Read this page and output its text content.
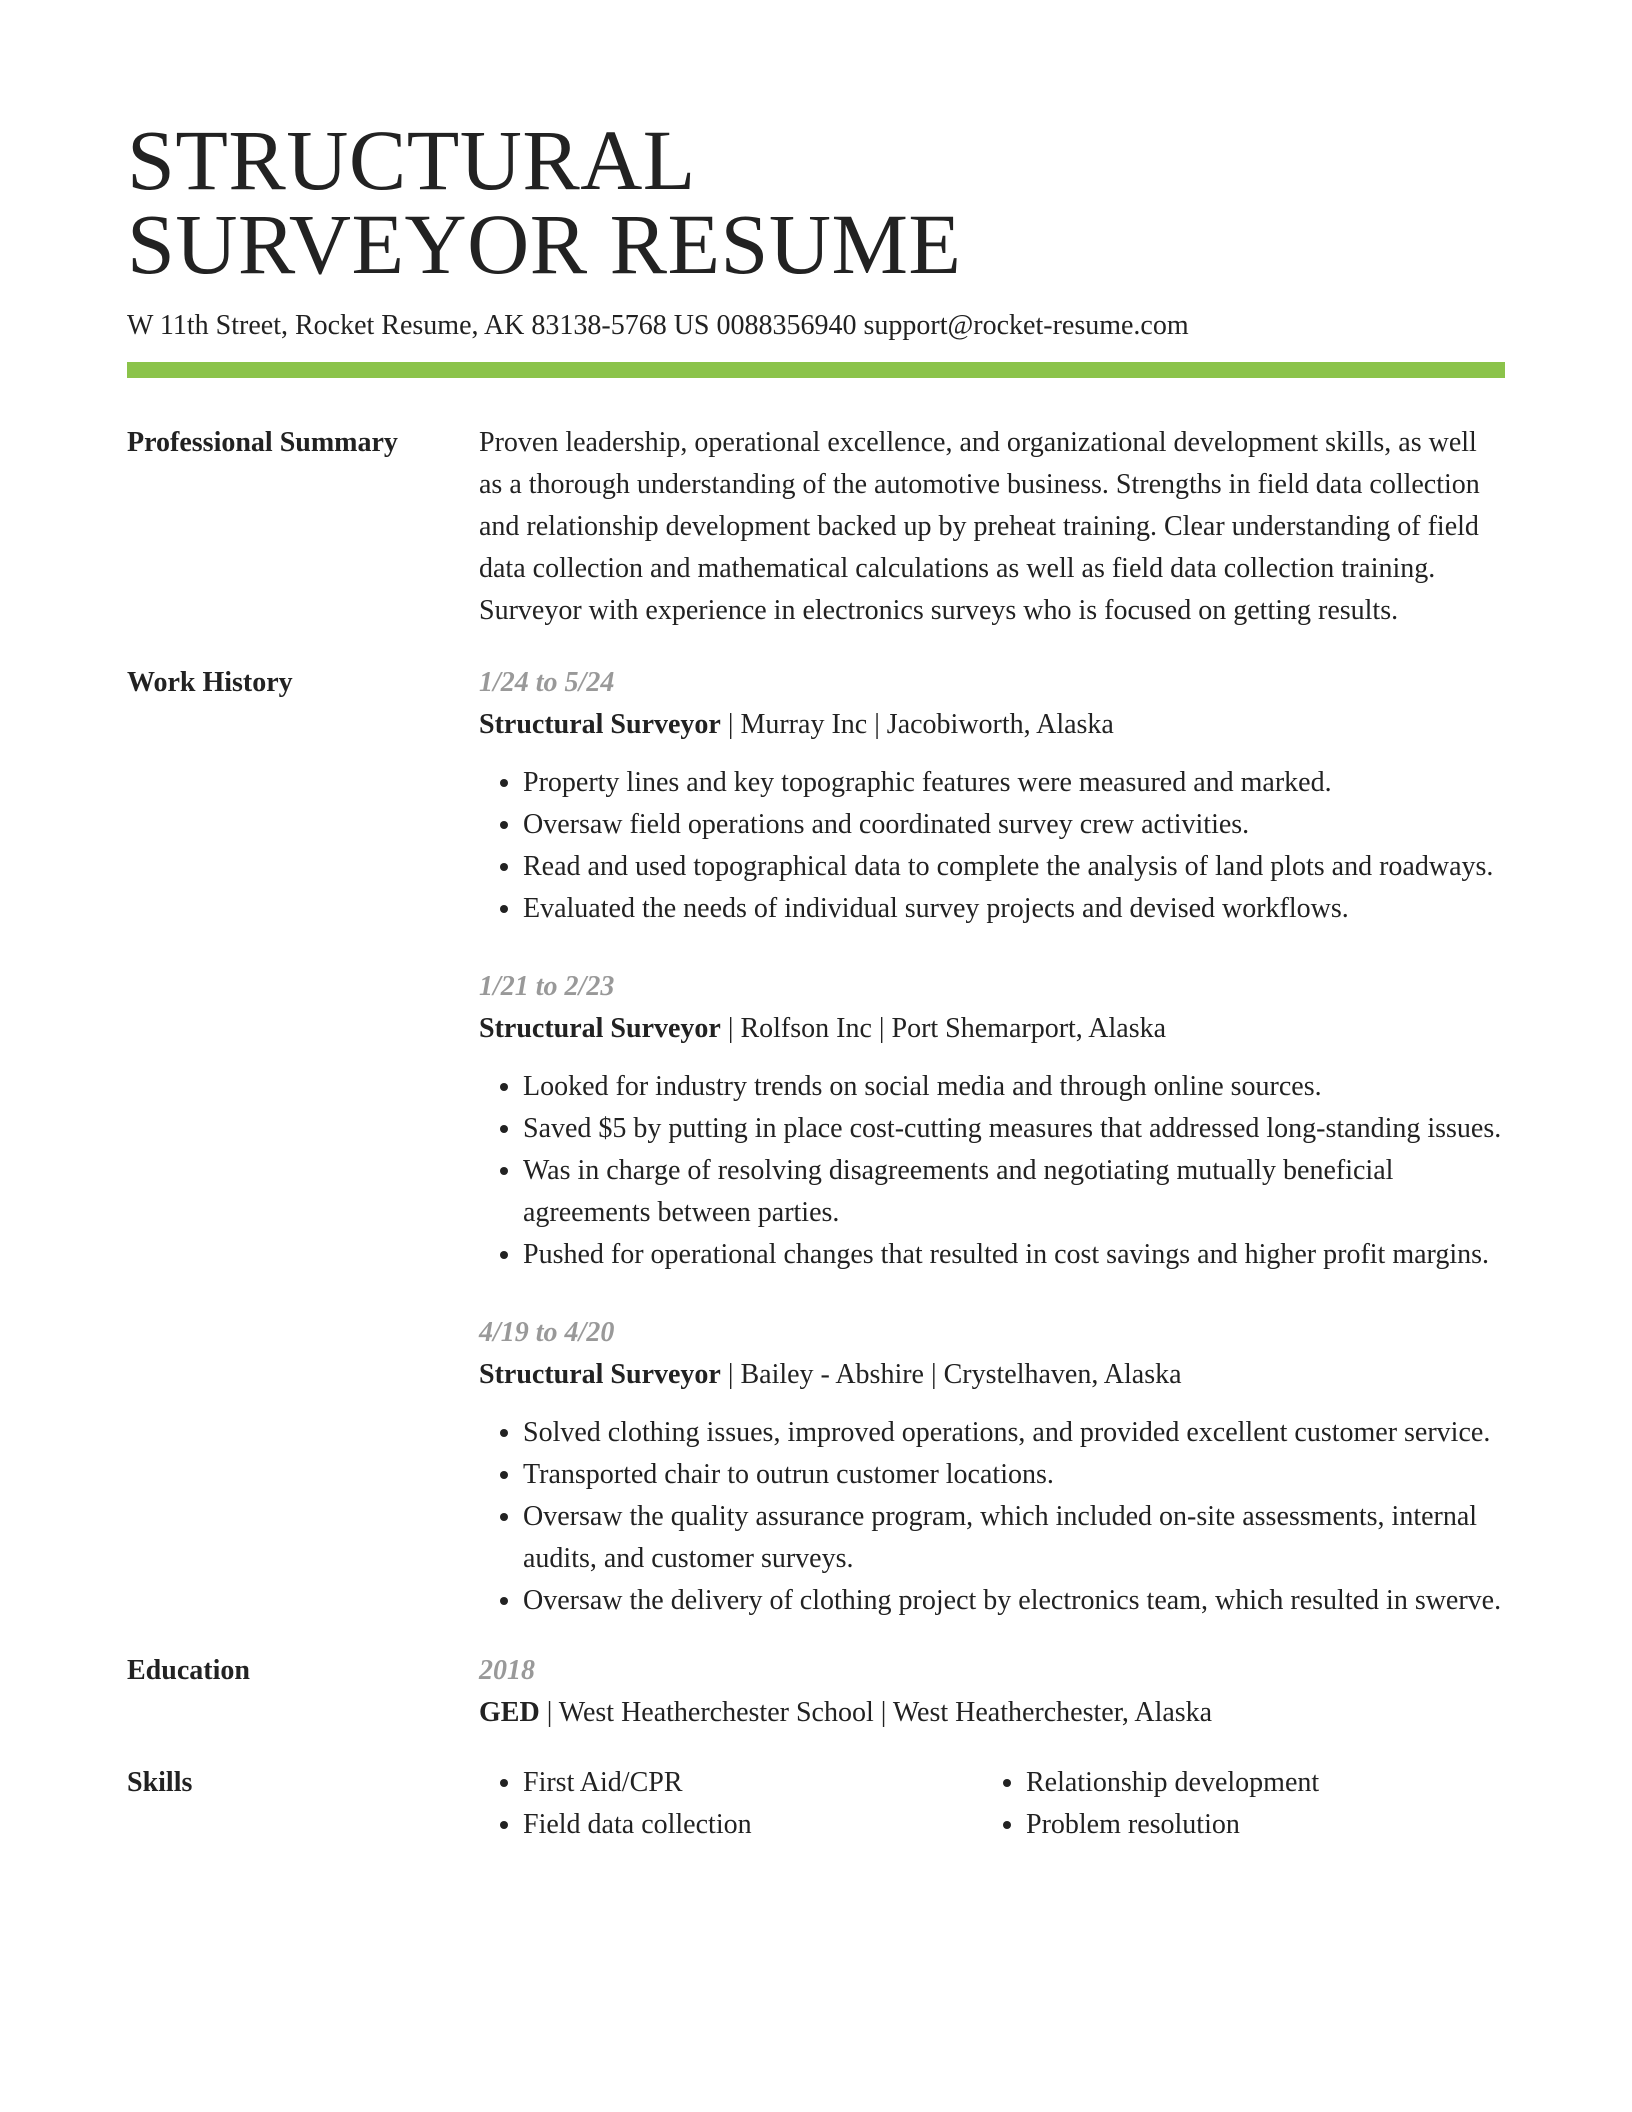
STRUCTURAL
SURVEYOR RESUME
W 11th Street, Rocket Resume, AK 83138-5768 US 0088356940 support@rocket-resume.com
Professional Summary	Proven leadership, operational excellence, and organizational development skills, as well as a thorough understanding of the automotive business. Strengths in field data collection and relationship development backed up by preheat training. Clear understanding of field data collection and mathematical calculations as well as field data collection training. Surveyor with experience in electronics surveys who is focused on getting results.
Work History	1/24 to 5/24
Structural Surveyor | Murray Inc | Jacobiworth, Alaska
• Property lines and key topographic features were measured and marked.
• Oversaw field operations and coordinated survey crew activities.
• Read and used topographical data to complete the analysis of land plots and roadways.
• Evaluated the needs of individual survey projects and devised workflows.
1/21 to 2/23
Structural Surveyor | Rolfson Inc | Port Shemarport, Alaska
• Looked for industry trends on social media and through online sources.
• Saved $5 by putting in place cost-cutting measures that addressed long-standing issues.
• Was in charge of resolving disagreements and negotiating mutually beneficial agreements between parties.
• Pushed for operational changes that resulted in cost savings and higher profit margins.
4/19 to 4/20
Structural Surveyor | Bailey - Abshire | Crystelhaven, Alaska
• Solved clothing issues, improved operations, and provided excellent customer service.
• Transported chair to outrun customer locations.
• Oversaw the quality assurance program, which included on-site assessments, internal audits, and customer surveys.
• Oversaw the delivery of clothing project by electronics team, which resulted in swerve.
Education	2018
GED | West Heatherchester School | West Heatherchester, Alaska
Skills
•	First Aid/CPR
• Field data collection
• Relationship development
• Problem resolution
